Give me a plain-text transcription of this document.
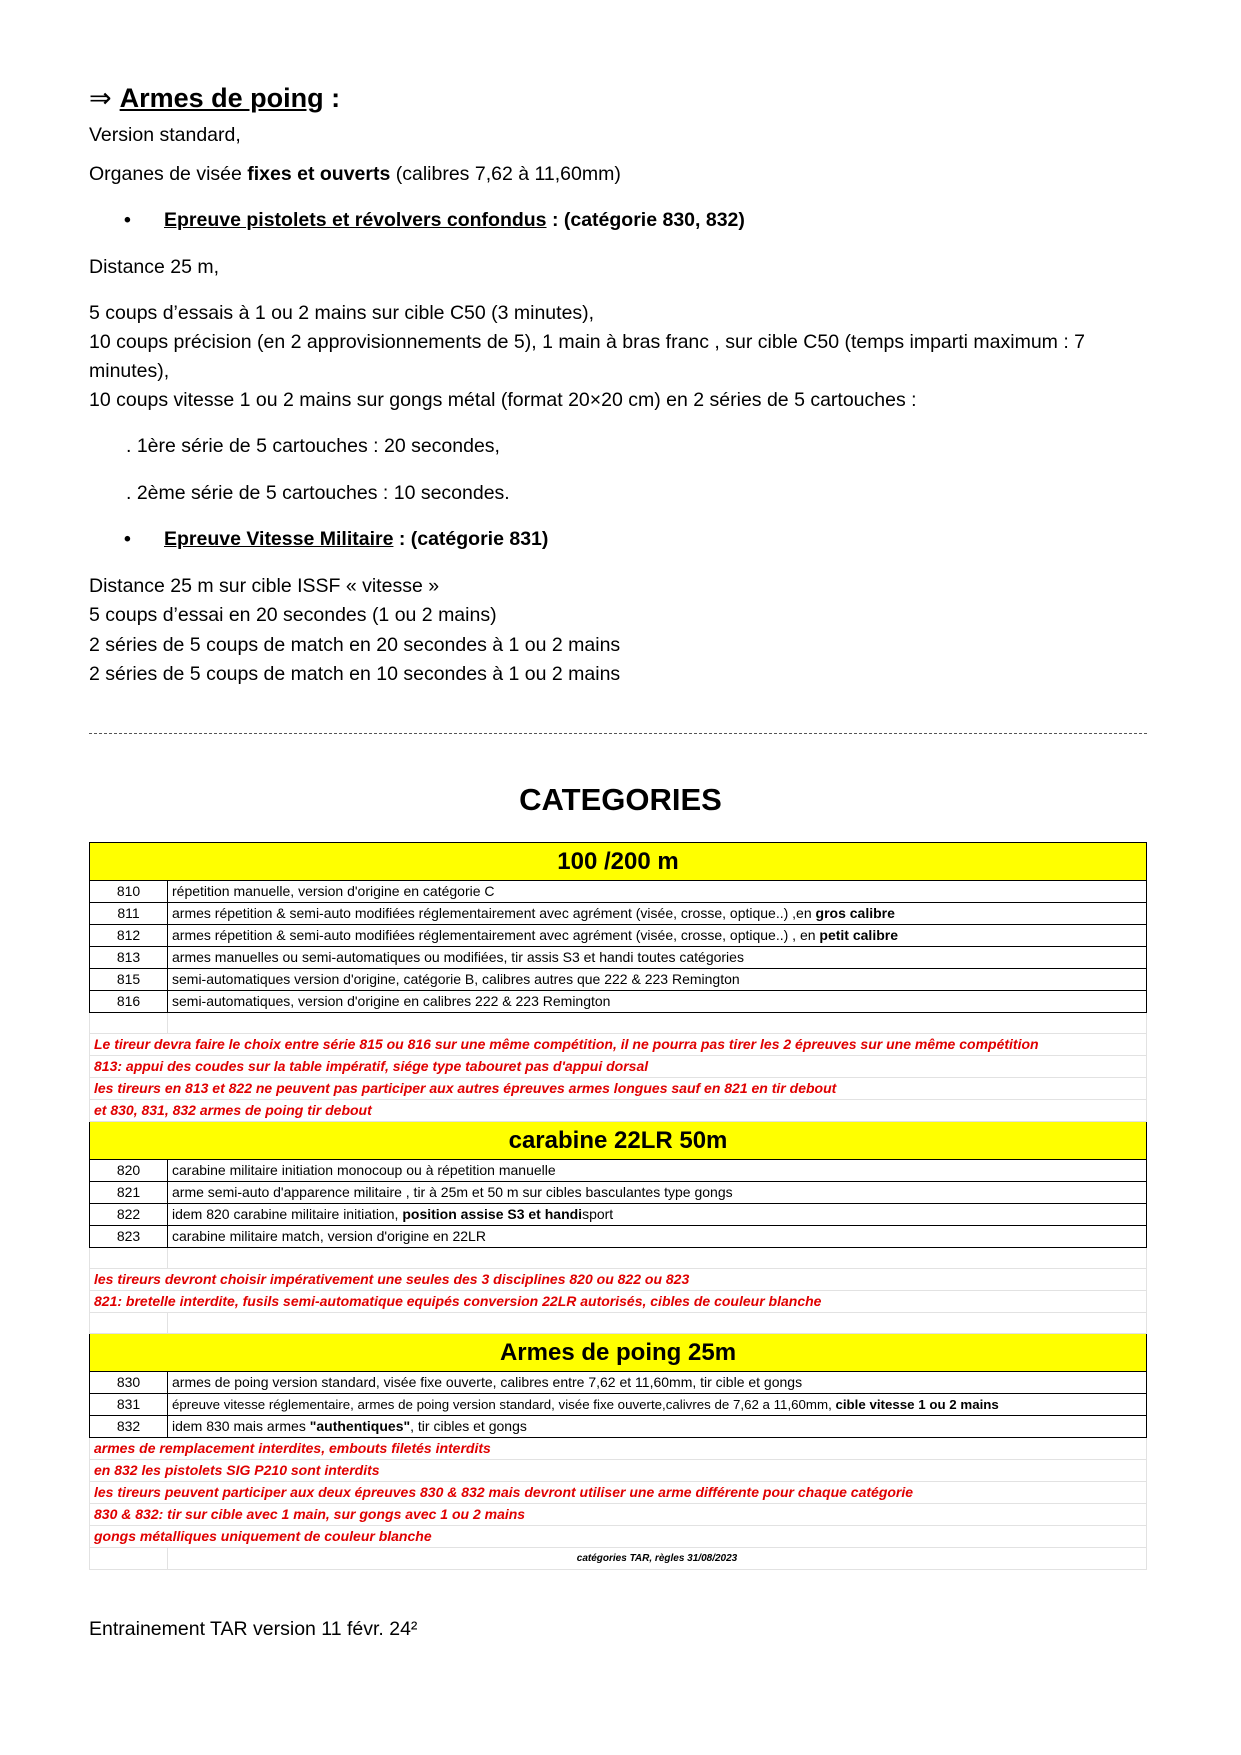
⇒ Armes de poing :
Version standard,
Organes de visée fixes et ouverts (calibres 7,62 à 11,60mm)
• Epreuve pistolets et révolvers confondus : (catégorie 830, 832)
Distance 25 m,
5 coups d’essais à 1 ou 2 mains sur cible C50 (3 minutes),
10 coups précision (en 2 approvisionnements de 5), 1 main à bras franc , sur cible C50 (temps imparti maximum : 7 minutes),
10 coups vitesse 1 ou 2 mains sur gongs métal (format 20×20 cm) en 2 séries de 5 cartouches :
. 1ère série de 5 cartouches : 20 secondes,
. 2ème série de 5 cartouches : 10 secondes.
• Epreuve Vitesse Militaire : (catégorie 831)
Distance 25 m sur cible ISSF « vitesse »
5 coups d’essai en 20 secondes (1 ou 2 mains)
2 séries de 5 coups de match en 20 secondes à 1 ou 2 mains
2 séries de 5 coups de match en 10 secondes à 1 ou 2 mains
CATEGORIES
100 /200 m	
810	répetition manuelle, version d'origine en catégorie C
811	armes répetition & semi-auto modifiées réglementairement avec agrément (visée, crosse, optique..) ,en gros calibre
812	armes répetition & semi-auto modifiées réglementairement avec agrément (visée, crosse, optique..) , en petit calibre
813	armes manuelles ou semi-automatiques ou modifiées, tir assis S3 et handi toutes catégories
815	semi-automatiques version d'origine, catégorie B, calibres autres que 222 & 223 Remington
816	semi-automatiques, version d'origine en calibres 222 & 223 Remington

Le tireur devra faire le choix entre série 815 ou 816 sur une même compétition, il ne pourra pas tirer les 2 épreuves sur une même compétition	
813: appui des coudes sur la table impératif, siége type tabouret pas d'appui dorsal	
les tireurs en 813 et 822 ne peuvent pas participer aux autres épreuves armes longues sauf en 821 en tir debout	
et 830, 831, 832 armes de poing tir debout	
carabine 22LR 50m	
820	carabine militaire initiation monocoup ou à répetition manuelle
821	arme semi-auto d'apparence militaire , tir à 25m et 50 m sur cibles basculantes type gongs
822	idem 820 carabine militaire initiation, position assise S3 et handisport
823	carabine militaire match, version d'origine en 22LR

les tireurs devront choisir impérativement une seules des 3 disciplines 820 ou 822 ou 823	
821: bretelle interdite, fusils semi-automatique equipés conversion 22LR autorisés, cibles de couleur blanche	

Armes de poing 25m	
830	armes de poing version standard, visée fixe ouverte, calibres entre 7,62 et 11,60mm, tir cible et gongs
831	épreuve vitesse réglementaire, armes de poing version standard, visée fixe ouverte,calivres de 7,62 a 11,60mm, cible vitesse 1 ou 2 mains
832	idem 830 mais armes "authentiques", tir cibles et gongs
armes de remplacement interdites, embouts filetés interdits	
en 832 les pistolets SIG P210 sont interdits	
les tireurs peuvent participer aux deux épreuves 830 & 832 mais devront utiliser une arme différente pour chaque catégorie	
830 & 832: tir sur cible avec 1 main, sur gongs avec 1 ou 2 mains	
gongs métalliques uniquement de couleur blanche	
	catégories TAR, règles 31/08/2023
Entrainement TAR version 11 févr. 24²
